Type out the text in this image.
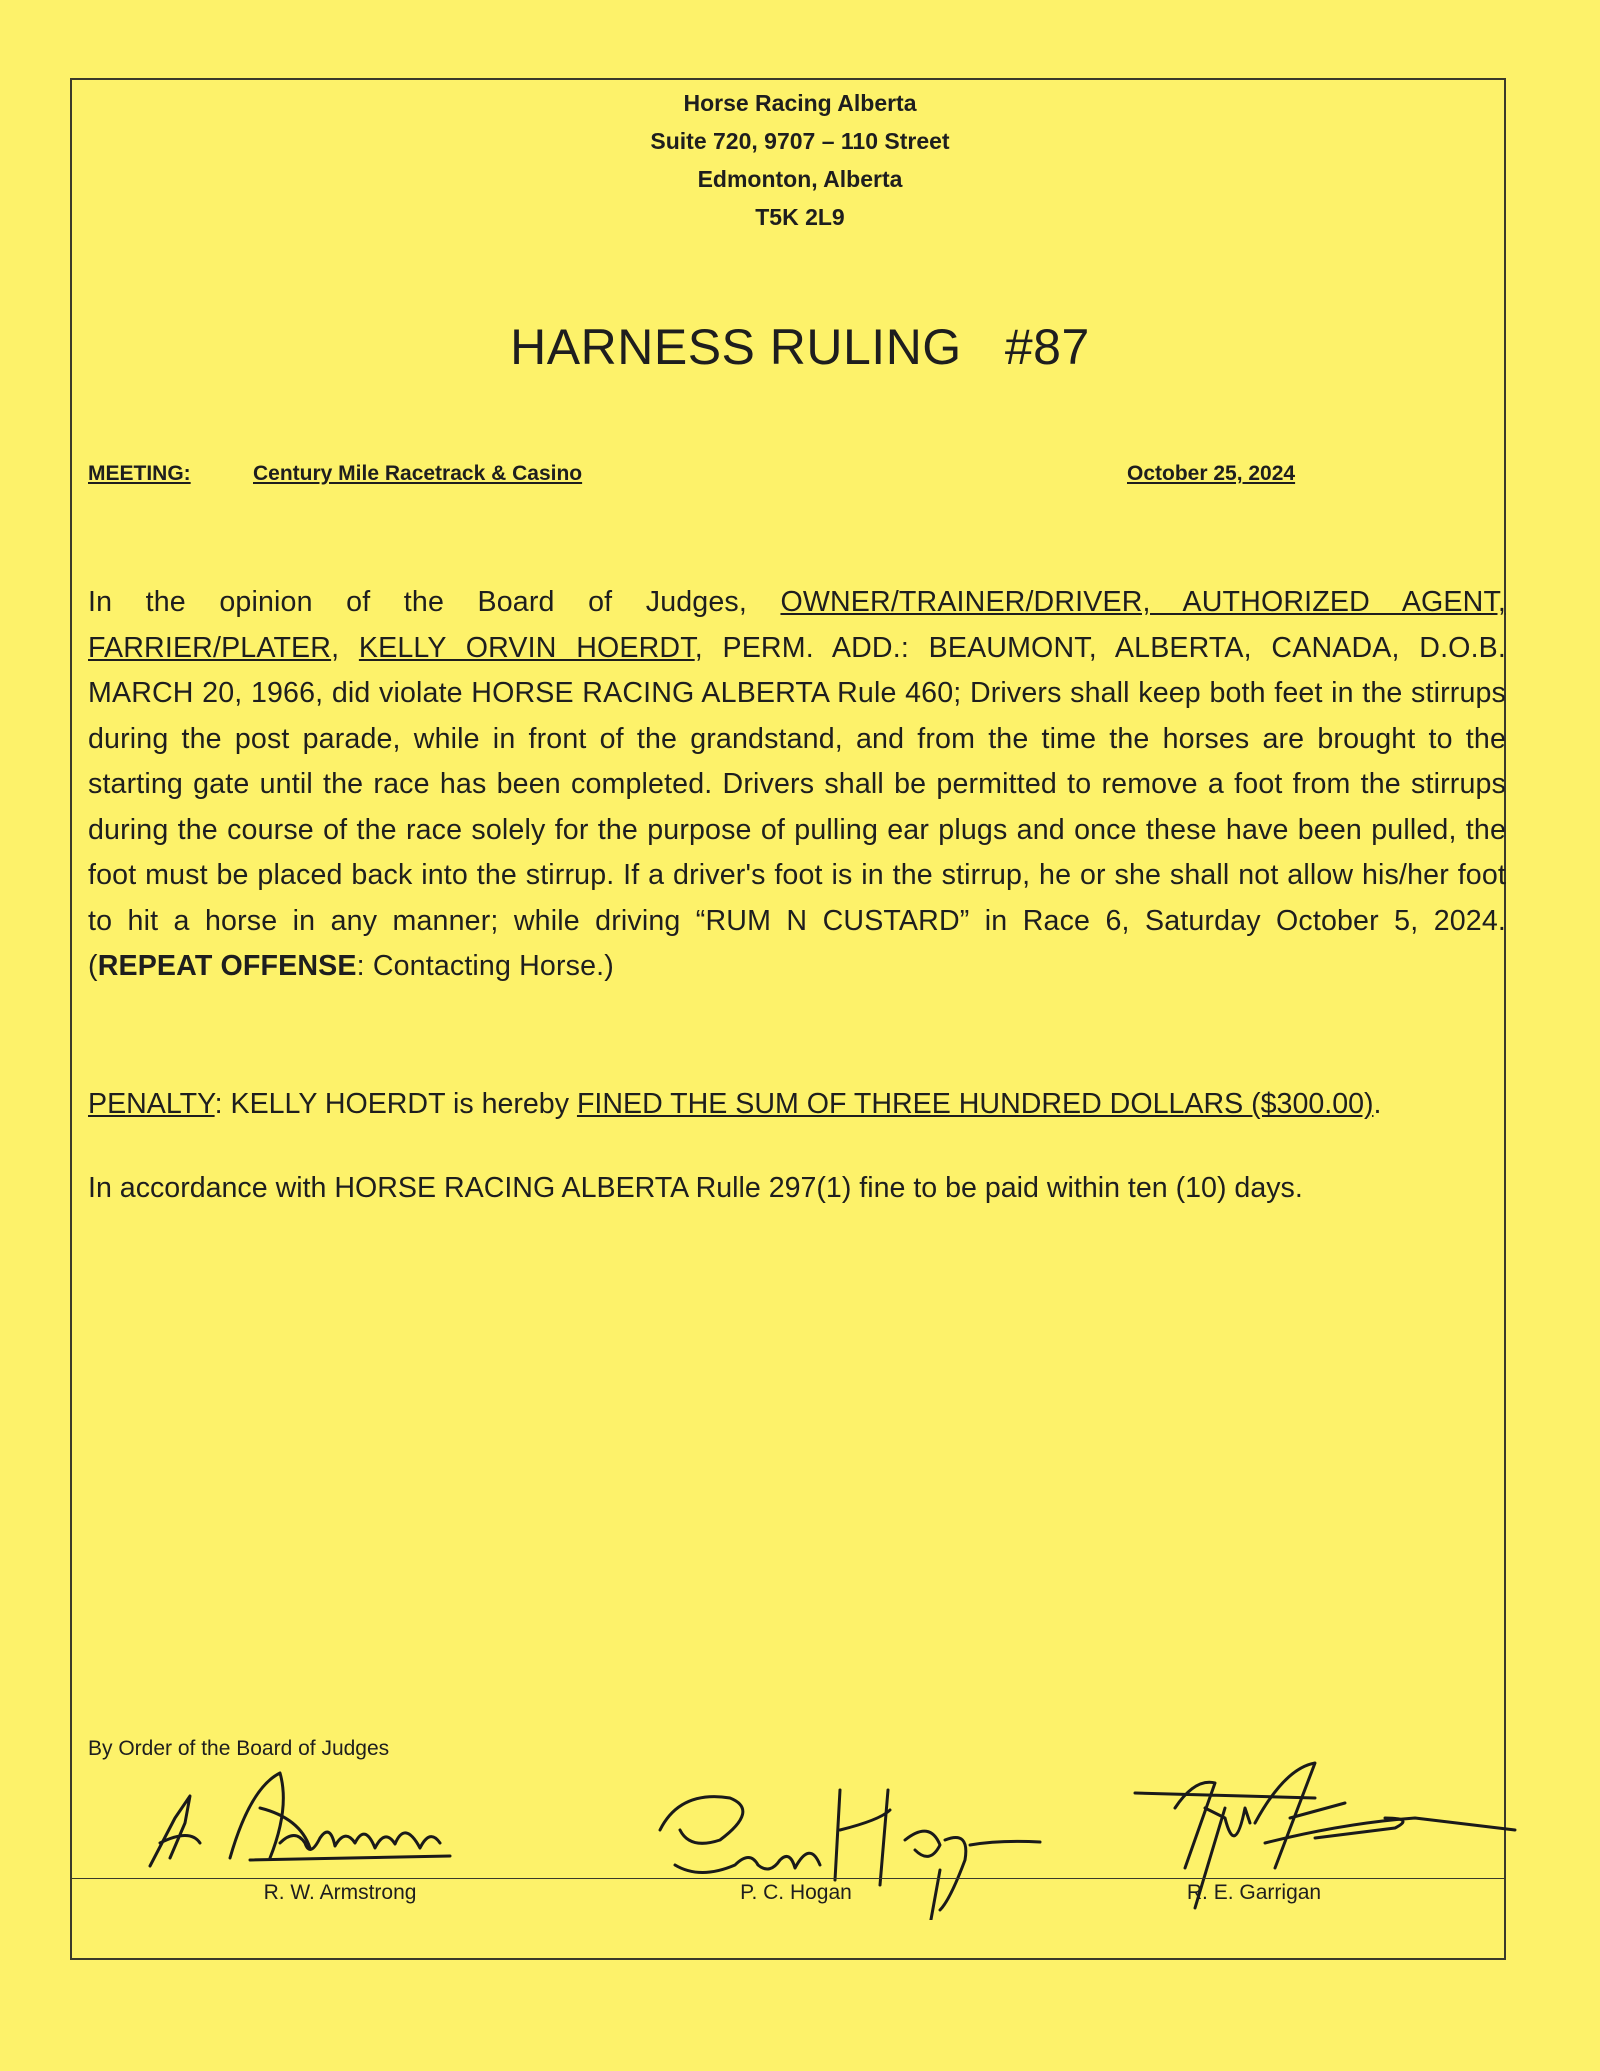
Horse Racing Alberta
Suite 720, 9707 – 110 Street
Edmonton, Alberta
T5K 2L9
HARNESS RULING   #87
MEETING:	Century Mile Racetrack & Casino	October 25, 2024
In the opinion of the Board of Judges, OWNER/TRAINER/DRIVER, AUTHORIZED AGENT, FARRIER/PLATER, KELLY ORVIN HOERDT, PERM. ADD.: BEAUMONT, ALBERTA, CANADA, D.O.B. MARCH 20, 1966, did violate HORSE RACING ALBERTA Rule 460; Drivers shall keep both feet in the stirrups during the post parade, while in front of the grandstand, and from the time the horses are brought to the starting gate until the race has been completed. Drivers shall be permitted to remove a foot from the stirrups during the course of the race solely for the purpose of pulling ear plugs and once these have been pulled, the foot must be placed back into the stirrup. If a driver's foot is in the stirrup, he or she shall not allow his/her foot to hit a horse in any manner; while driving “RUM N CUSTARD” in Race 6, Saturday October 5, 2024. (REPEAT OFFENSE: Contacting Horse.)
PENALTY: KELLY HOERDT is hereby FINED THE SUM OF THREE HUNDRED DOLLARS ($300.00).
In accordance with HORSE RACING ALBERTA Rulle 297(1) fine to be paid within ten (10) days.
By Order of the Board of Judges
R. W. Armstrong	P. C. Hogan	R. E. Garrigan
